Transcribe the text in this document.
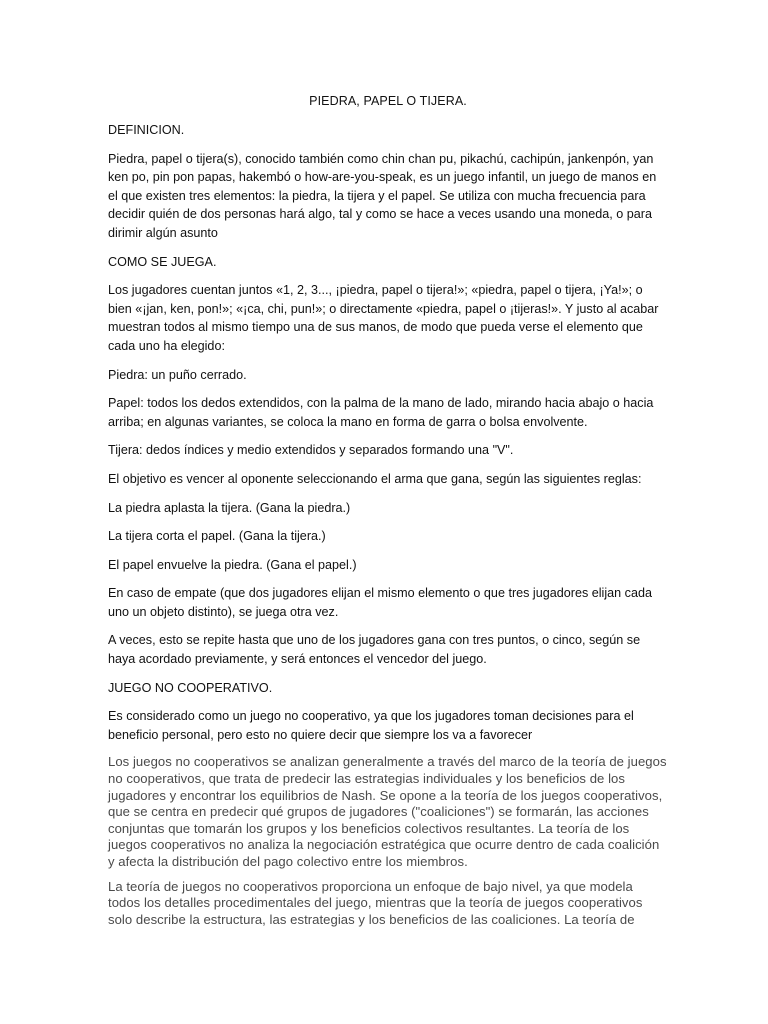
PIEDRA, PAPEL O TIJERA.
DEFINICION.
Piedra, papel o tijera(s), conocido también como chin chan pu, pikachú, cachipún, jankenpón, yan ken po, pin pon papas, hakembó o how-are-you-speak, es un juego infantil, un juego de manos en el que existen tres elementos: la piedra, la tijera y el papel. Se utiliza con mucha frecuencia para decidir quién de dos personas hará algo, tal y como se hace a veces usando una moneda, o para dirimir algún asunto
COMO SE JUEGA.
Los jugadores cuentan juntos «1, 2, 3..., ¡piedra, papel o tijera!»; «piedra, papel o tijera, ¡Ya!»; o bien «¡jan, ken, pon!»; «¡ca, chi, pun!»; o directamente «piedra, papel o ¡tijeras!». Y justo al acabar muestran todos al mismo tiempo una de sus manos, de modo que pueda verse el elemento que cada uno ha elegido:
Piedra: un puño cerrado.
Papel: todos los dedos extendidos, con la palma de la mano de lado, mirando hacia abajo o hacia arriba; en algunas variantes, se coloca la mano en forma de garra o bolsa envolvente.
Tijera: dedos índices y medio extendidos y separados formando una "V".
El objetivo es vencer al oponente seleccionando el arma que gana, según las siguientes reglas:
La piedra aplasta la tijera. (Gana la piedra.)
La tijera corta el papel. (Gana la tijera.)
El papel envuelve la piedra. (Gana el papel.)
En caso de empate (que dos jugadores elijan el mismo elemento o que tres jugadores elijan cada uno un objeto distinto), se juega otra vez.
A veces, esto se repite hasta que uno de los jugadores gana con tres puntos, o cinco, según se haya acordado previamente, y será entonces el vencedor del juego.
JUEGO NO COOPERATIVO.
Es considerado como un juego no cooperativo, ya que los jugadores toman decisiones para el beneficio personal, pero esto no quiere decir que siempre los va a favorecer
Los juegos no cooperativos se analizan generalmente a través del marco de la teoría de juegos no cooperativos, que trata de predecir las estrategias individuales y los beneficios de los jugadores y encontrar los equilibrios de Nash. Se opone a la teoría de los juegos cooperativos, que se centra en predecir qué grupos de jugadores ("coaliciones") se formarán, las acciones conjuntas que tomarán los grupos y los beneficios colectivos resultantes. La teoría de los juegos cooperativos no analiza la negociación estratégica que ocurre dentro de cada coalición y afecta la distribución del pago colectivo entre los miembros.
La teoría de juegos no cooperativos proporciona un enfoque de bajo nivel, ya que modela todos los detalles procedimentales del juego, mientras que la teoría de juegos cooperativos solo describe la estructura, las estrategias y los beneficios de las coaliciones. La teoría de
